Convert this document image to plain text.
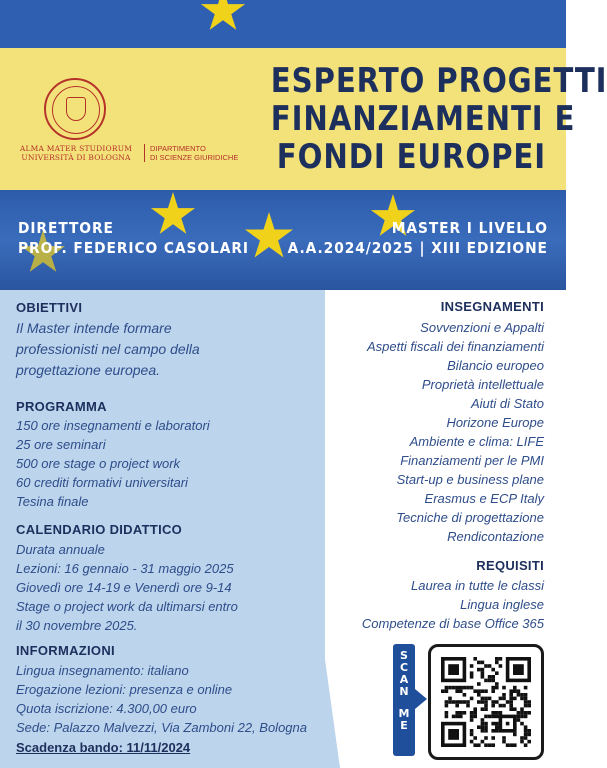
ALMA MATER STUDIORUM
UNIVERSITÀ DI BOLOGNA
DIPARTIMENTO
DI SCIENZE GIURIDICHE
ESPERTO PROGETTI
FINANZIAMENTI E
FONDI EUROPEI
DIRETTORE
PROF. FEDERICO CASOLARI
MASTER I LIVELLO
A.A.2024/2025 | XIII EDIZIONE
OBIETTIVI
Il Master intende formare
professionisti nel campo della
progettazione europea.
PROGRAMMA
150 ore insegnamenti e laboratori
25 ore seminari
500 ore stage o project work
60 crediti formativi universitari
Tesina finale
CALENDARIO DIDATTICO
Durata annuale
Lezioni: 16 gennaio - 31 maggio 2025
Giovedì ore 14-19 e Venerdì ore 9-14
Stage o project work da ultimarsi entro
il 30 novembre 2025.
INFORMAZIONI
Lingua insegnamento: italiano
Erogazione lezioni: presenza e online
Quota iscrizione: 4.300,00 euro
Sede: Palazzo Malvezzi, Via Zamboni 22, Bologna
Scadenza bando: 11/11/2024
INSEGNAMENTI
Sovvenzioni e Appalti
Aspetti fiscali dei finanziamenti
Bilancio europeo
Proprietà intellettuale
Aiuti di Stato
Horizone Europe
Ambiente e clima: LIFE
Finanziamenti per le PMI
Start-up e business plane
Erasmus e ECP Italy
Tecniche di progettazione
Rendicontazione
REQUISITI
Laurea in tutte le classi
Lingua inglese
Competenze di base Office 365
S
C
A
N
M
E
